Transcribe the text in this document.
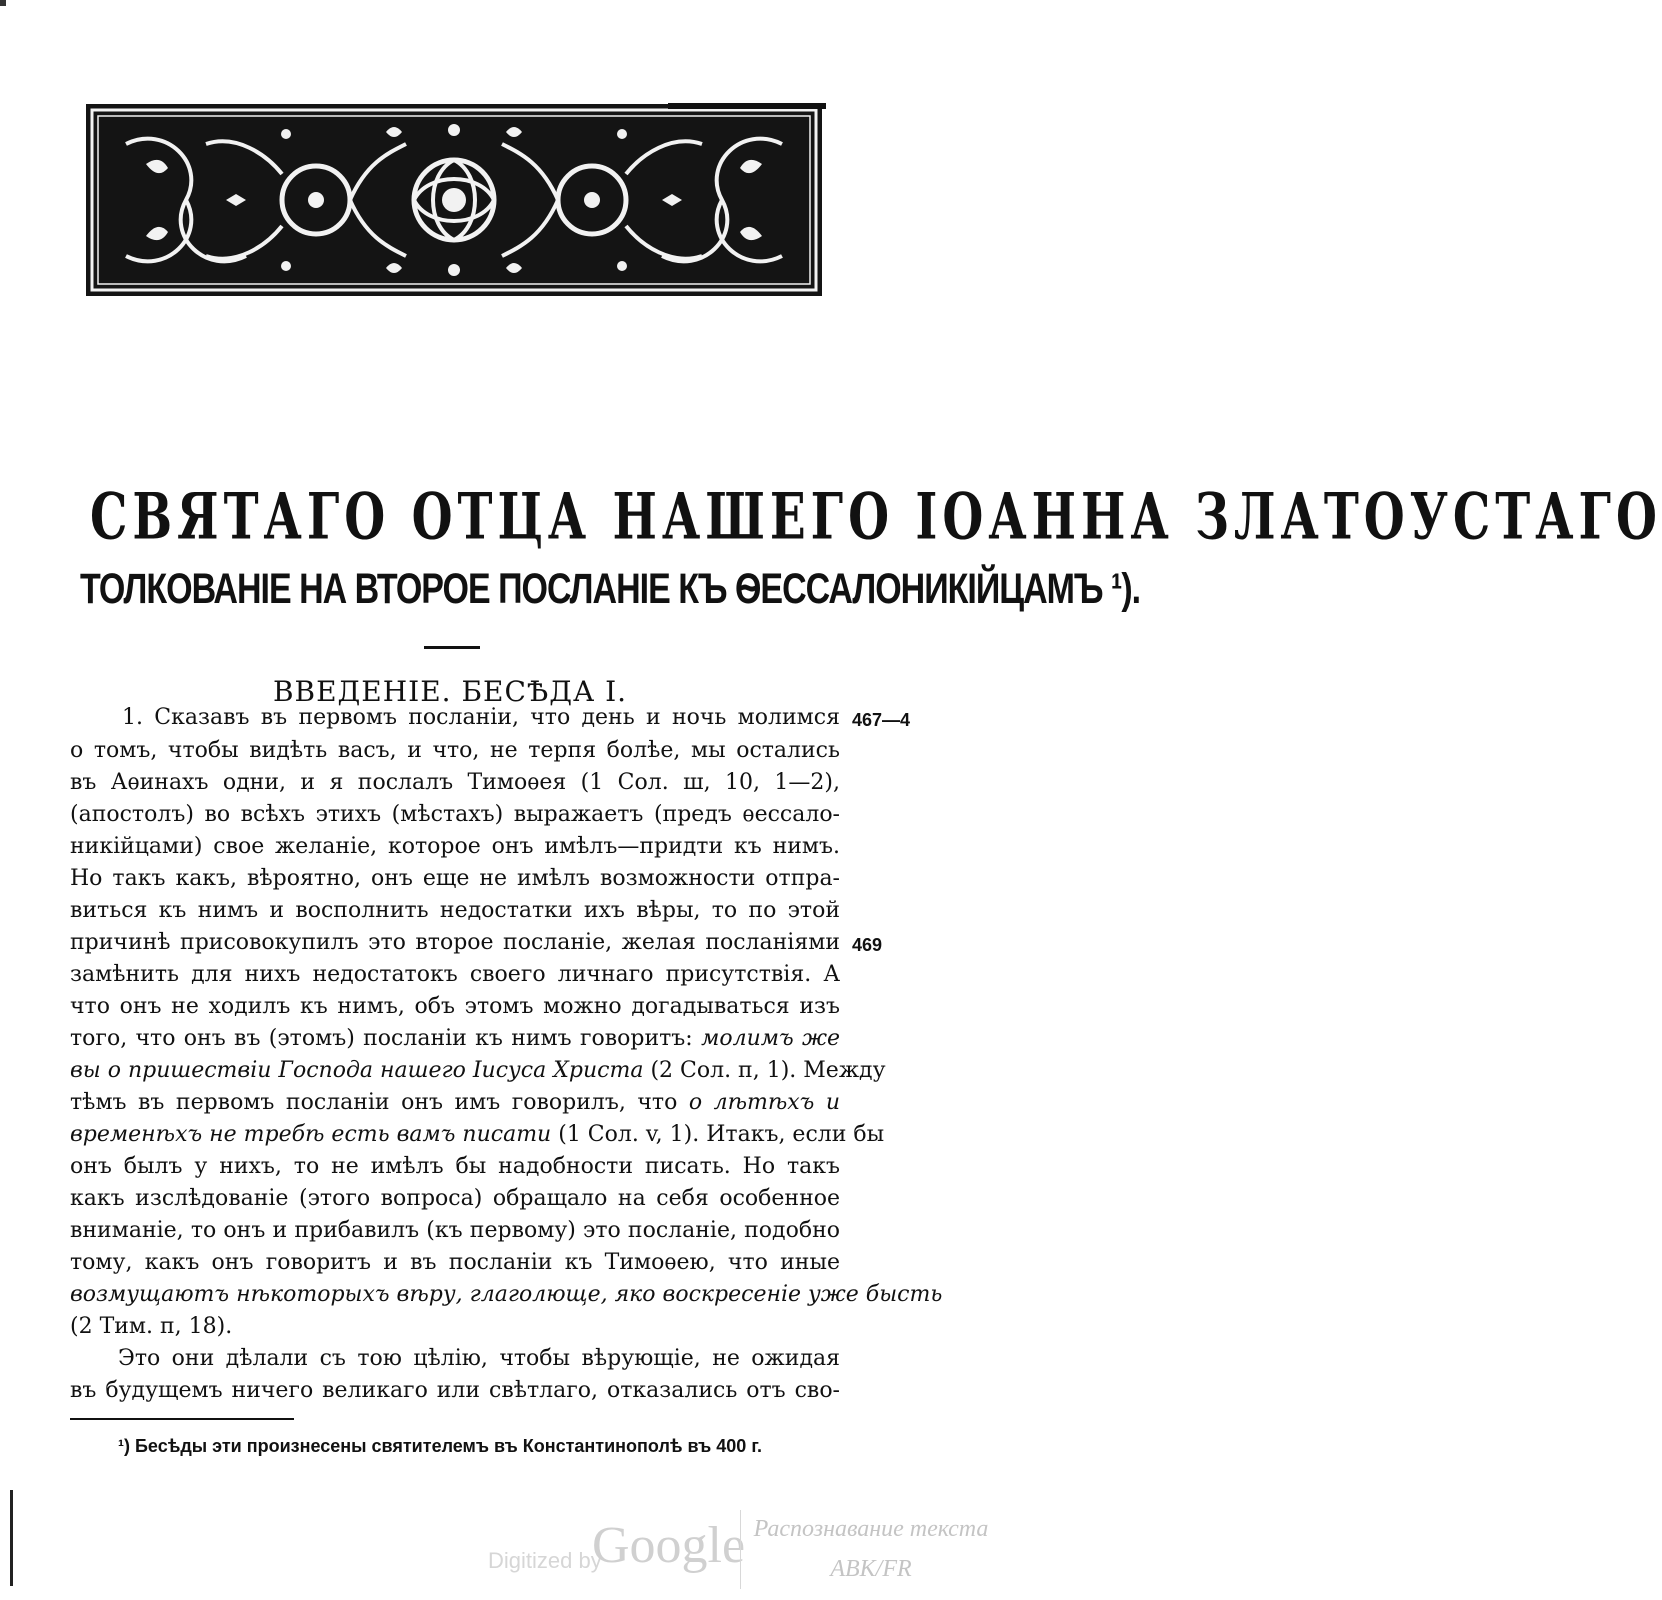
СВЯТАГО ОТЦА НАШЕГО ІОАННА ЗЛАТОУСТАГО
ТОЛКОВАНІЕ НА ВТОРОЕ ПОСЛАНІЕ КЪ ѲЕССАЛОНИКІЙЦАМЪ ¹).
ВВЕДЕНІЕ. БЕСѢДА I.
1. Сказавъ въ первомъ посланіи, что день и ночь молимся 467—4
о томъ, чтобы видѣть васъ, и что, не терпя болѣе, мы остались
въ Аѳинахъ одни, и я послалъ Тимоѳея (1 Сол. ш, 10, 1—2),
(апостолъ) во всѣхъ этихъ (мѣстахъ) выражаетъ (предъ ѳессало-
никійцами) свое желаніе, которое онъ имѣлъ—придти къ нимъ.
Но такъ какъ, вѣроятно, онъ еще не имѣлъ возможности отпра-
виться къ нимъ и восполнить недостатки ихъ вѣры, то по этой
причинѣ присовокупилъ это второе посланіе, желая посланіями 469
замѣнить для нихъ недостатокъ своего личнаго присутствія. А
что онъ не ходилъ къ нимъ, объ этомъ можно догадываться изъ
того, что онъ въ (этомъ) посланіи къ нимъ говоритъ: молимъ же
вы о пришествіи Господа нашего Іисуса Христа (2 Сол. п, 1). Между
тѣмъ въ первомъ посланіи онъ имъ говорилъ, что о лѣтѣхъ и
временѣхъ не требѣ есть вамъ писати (1 Сол. v, 1). Итакъ, если бы
онъ былъ у нихъ, то не имѣлъ бы надобности писать. Но такъ
какъ изслѣдованіе (этого вопроса) обращало на себя особенное
вниманіе, то онъ и прибавилъ (къ первому) это посланіе, подобно
тому, какъ онъ говоритъ и въ посланіи къ Тимоѳею, что иные
возмущаютъ нѣкоторыхъ вѣру, глаголюще, яко воскресеніе уже бысть
(2 Тим. п, 18).
Это они дѣлали съ тою цѣлію, чтобы вѣрующіе, не ожидая
въ будущемъ ничего великаго или свѣтлаго, отказались отъ сво-
¹) Бесѣды эти произнесены святителемъ въ Константинополѣ въ 400 г.
Digitized by
Google Распознавание текста
ABK/FR
